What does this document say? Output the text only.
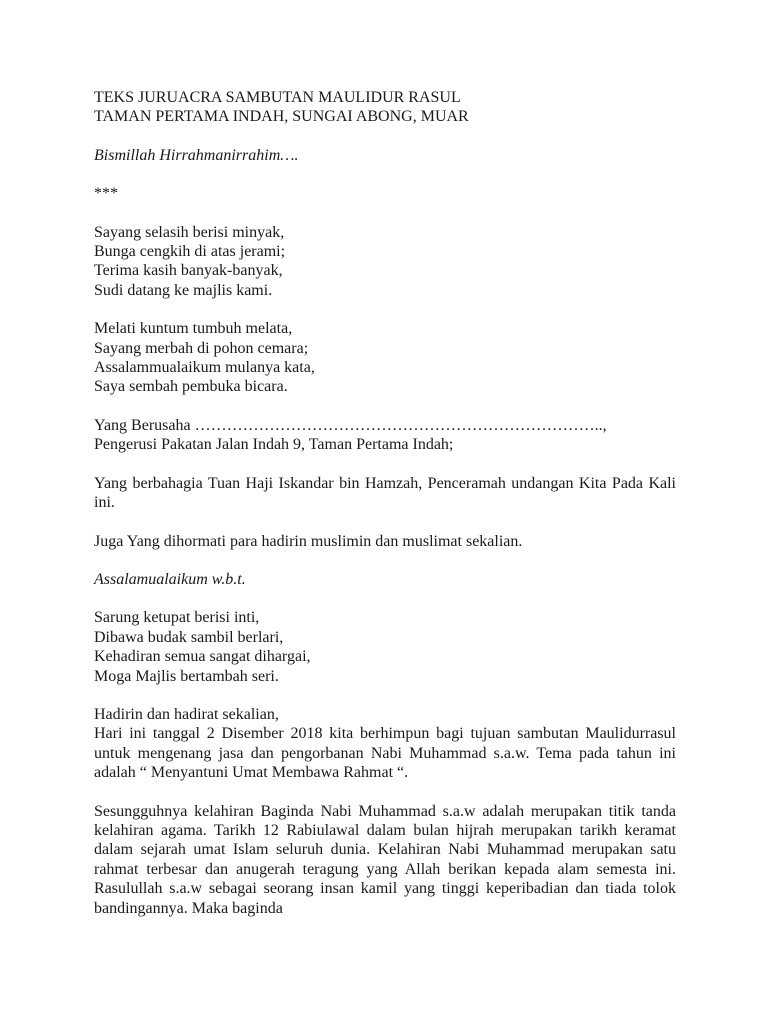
TEKS JURUACRA SAMBUTAN MAULIDUR RASUL
TAMAN PERTAMA INDAH, SUNGAI ABONG, MUAR
Bismillah Hirrahmanirrahim….
***
Sayang selasih berisi minyak,
Bunga cengkih di atas jerami;
Terima kasih banyak-banyak,
Sudi datang ke majlis kami.
Melati kuntum tumbuh melata,
Sayang merbah di pohon cemara;
Assalammualaikum mulanya kata,
Saya sembah pembuka bicara.
Yang Berusaha …………………………………………………………………..,
Pengerusi Pakatan Jalan Indah 9, Taman Pertama Indah;
Yang berbahagia Tuan Haji Iskandar bin Hamzah, Penceramah undangan Kita Pada Kali ini.
Juga Yang dihormati para hadirin muslimin dan muslimat sekalian.
Assalamualaikum w.b.t.
Sarung ketupat berisi inti,
Dibawa budak sambil berlari,
Kehadiran semua sangat dihargai,
Moga Majlis bertambah seri.
Hadirin dan hadirat sekalian,
Hari ini tanggal 2 Disember 2018 kita berhimpun bagi tujuan sambutan Maulidurrasul untuk mengenang jasa dan pengorbanan Nabi Muhammad s.a.w. Tema pada tahun ini adalah “ Menyantuni Umat Membawa Rahmat “.
Sesungguhnya kelahiran Baginda Nabi Muhammad s.a.w adalah merupakan titik tanda kelahiran agama. Tarikh 12 Rabiulawal dalam bulan hijrah merupakan tarikh keramat dalam sejarah umat Islam seluruh dunia. Kelahiran Nabi Muhammad merupakan satu rahmat terbesar dan anugerah teragung yang Allah berikan kepada alam semesta ini. Rasulullah s.a.w sebagai seorang insan kamil yang tinggi keperibadian dan tiada tolok bandingannya. Maka baginda
